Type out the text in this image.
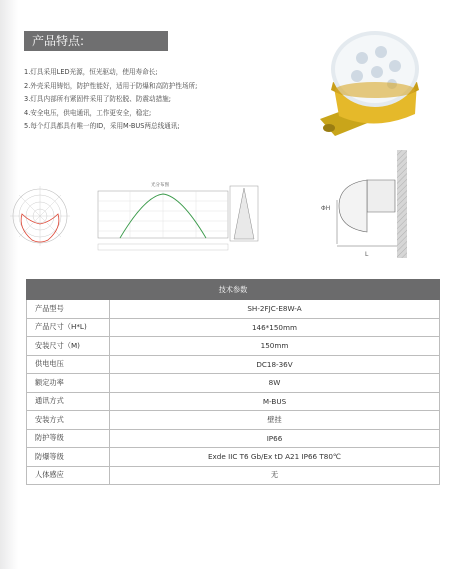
产品特点:
1.灯具采用LED光源，恒光驱动，使用寿命长;
2.外壳采用铸铝，防护性能好，适用于防爆和高防护性场所;
3.灯具内部所有紧固件采用了防松脱、防震动措施;
4.安全电压，供电通讯，工作更安全，稳定;
5.每个灯具都具有唯一的ID，采用M-BUS两总线通讯;
光分布图
ΦH
L
技术参数	
产品型号	SH-2FJC-E8W-A
产品尺寸（H*L)	146*150mm
安装尺寸（M)	150mm
供电电压	DC18-36V
额定功率	8W
通讯方式	M-BUS
安装方式	壁挂
防护等级	IP66
防爆等级	Exde IIC T6 Gb/Ex tD A21 IP66 T80℃
人体感应	无
